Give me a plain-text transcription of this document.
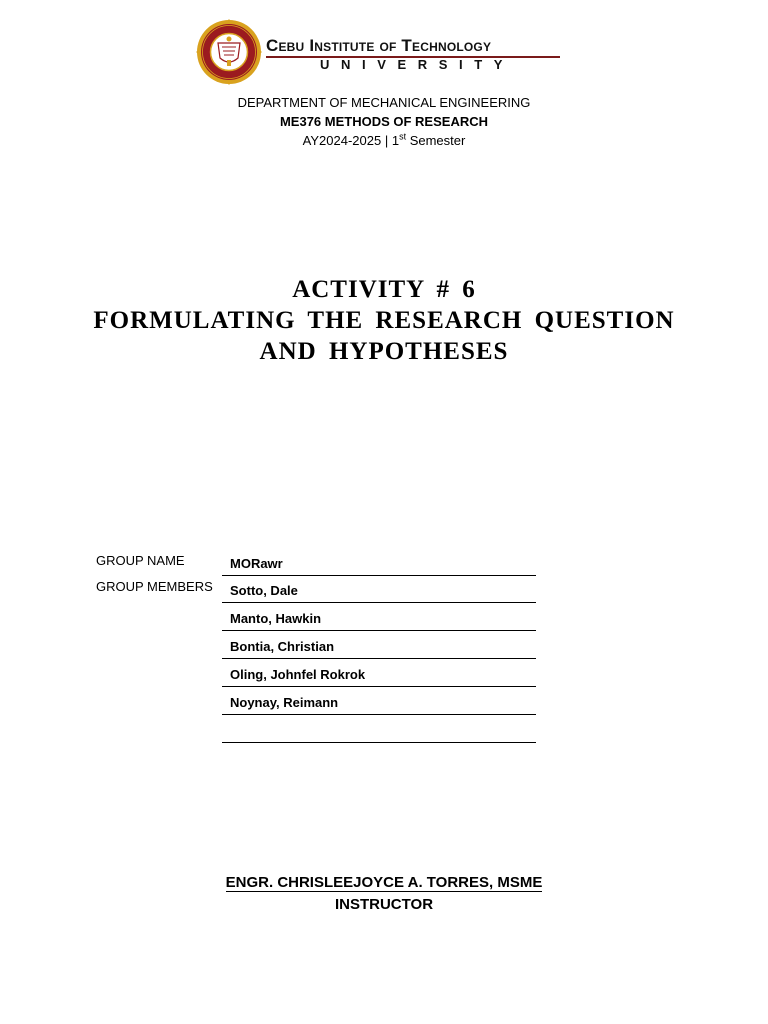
Cebu Institute of Technology
UNIVERSITY
DEPARTMENT OF MECHANICAL ENGINEERING
ME376 METHODS OF RESEARCH
AY2024-2025 | 1st Semester
ACTIVITY # 6
FORMULATING THE RESEARCH QUESTION
AND HYPOTHESES
GROUP NAME	MORawr
GROUP MEMBERS Sotto, Dale
Manto, Hawkin
Bontia, Christian
Oling, Johnfel Rokrok
Noynay, Reimann
ENGR. CHRISLEEJOYCE A. TORRES, MSME
INSTRUCTOR
